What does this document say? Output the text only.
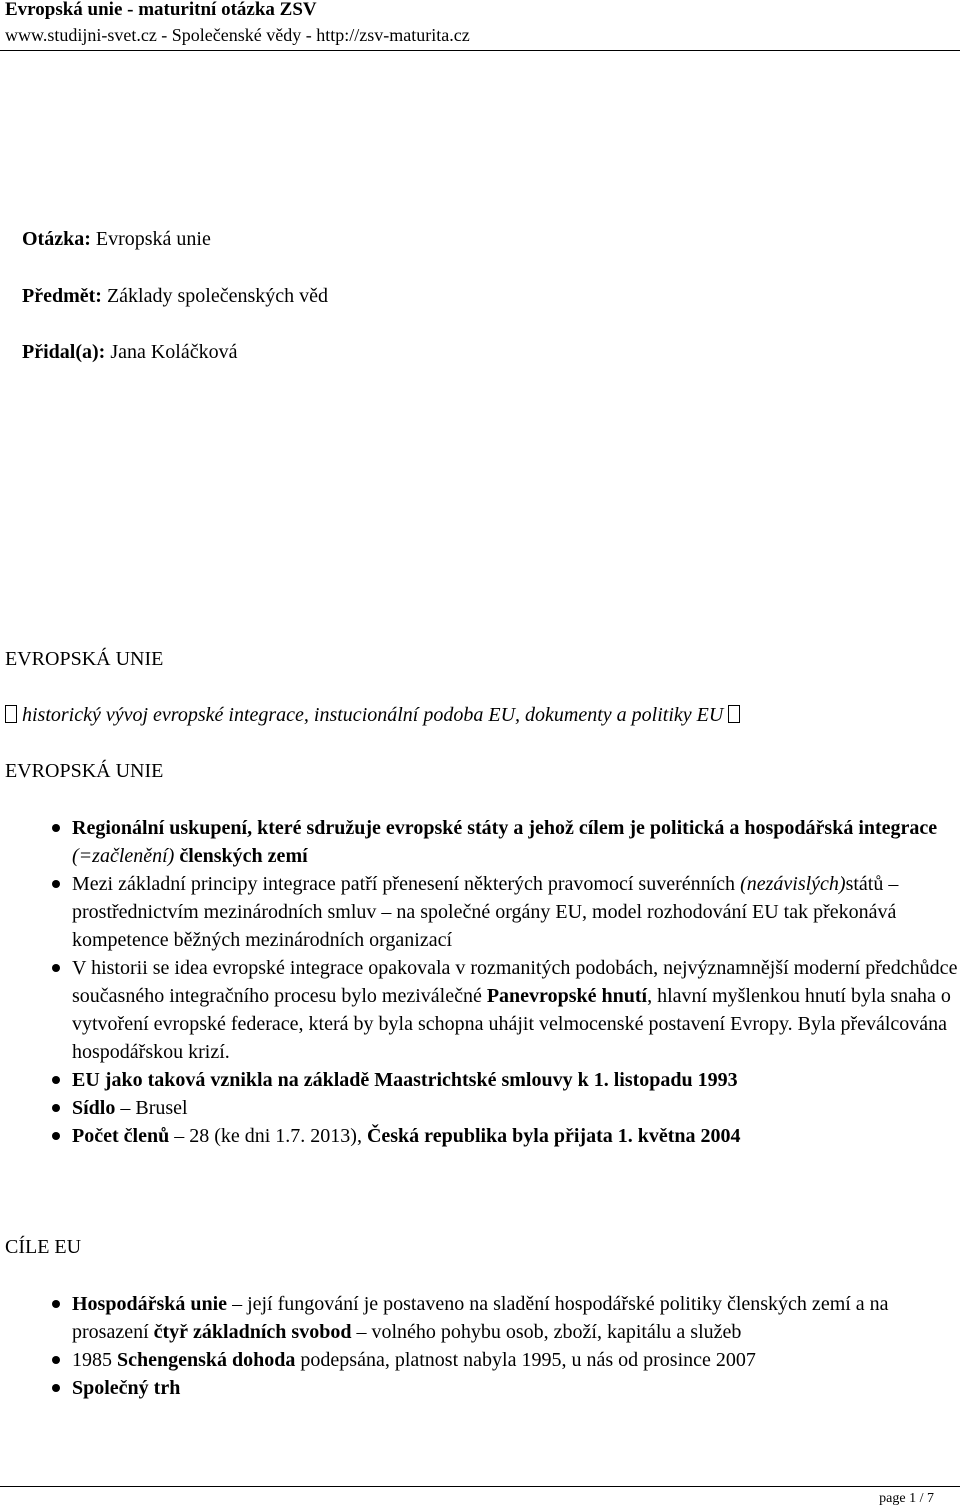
Evropská unie - maturitní otázka ZSV
www.studijni-svet.cz - Společenské vědy - http://zsv-maturita.cz
Otázka: Evropská unie
Předmět: Základy společenských věd
Přidal(a): Jana Koláčková
EVROPSKÁ UNIE
historický vývoj evropské integrace, instucionální podoba EU, dokumenty a politiky EU
EVROPSKÁ UNIE
Regionální uskupení, které sdružuje evropské státy a jehož cílem je politická a hospodářská integrace (=začlenění) členských zemí
Mezi základní principy integrace patří přenesení některých pravomocí suverénních (nezávislých)států – prostřednictvím mezinárodních smluv – na společné orgány EU, model rozhodování EU tak překonává kompetence běžných mezinárodních organizací
V historii se idea evropské integrace opakovala v rozmanitých podobách, nejvýznamnější moderní předchůdce současného integračního procesu bylo meziválečné Panevropské hnutí, hlavní myšlenkou hnutí byla snaha o vytvoření evropské federace, která by byla schopna uhájit velmocenské postavení Evropy. Byla převálcována hospodářskou krizí.
EU jako taková vznikla na základě Maastrichtské smlouvy k 1. listopadu 1993
Sídlo – Brusel
Počet členů – 28 (ke dni 1.7. 2013), Česká republika byla přijata 1. května 2004
CÍLE EU
Hospodářská unie – její fungování je postaveno na sladění hospodářské politiky členských zemí a na prosazení čtyř základních svobod – volného pohybu osob, zboží, kapitálu a služeb
1985 Schengenská dohoda podepsána, platnost nabyla 1995, u nás od prosince 2007
Společný trh
page 1 / 7
